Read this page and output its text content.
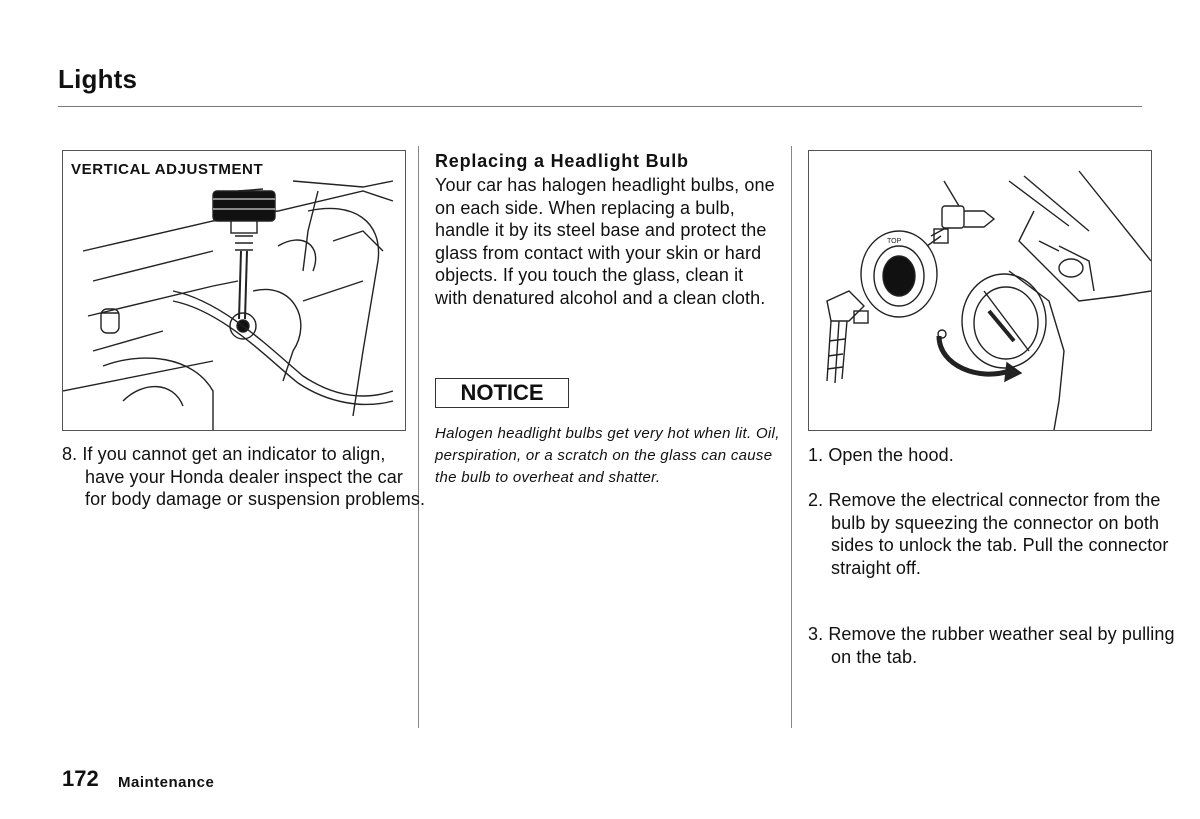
Lights

VERTICAL ADJUSTMENT

8. If you cannot get an indicator to align, have your Honda dealer inspect the car for body damage or suspension problems.

Replacing a Headlight Bulb

Your car has halogen headlight bulbs, one on each side. When replacing a bulb, handle it by its steel base and protect the glass from contact with your skin or hard objects. If you touch the glass, clean it with denatured alcohol and a clean cloth.

NOTICE

Halogen headlight bulbs get very hot when lit. Oil, perspiration, or a scratch on the glass can cause the bulb to overheat and shatter.

TOP

1. Open the hood.

2. Remove the electrical connector from the bulb by squeezing the connector on both sides to unlock the tab. Pull the connector straight off.

3. Remove the rubber weather seal by pulling on the tab.

172 Maintenance
